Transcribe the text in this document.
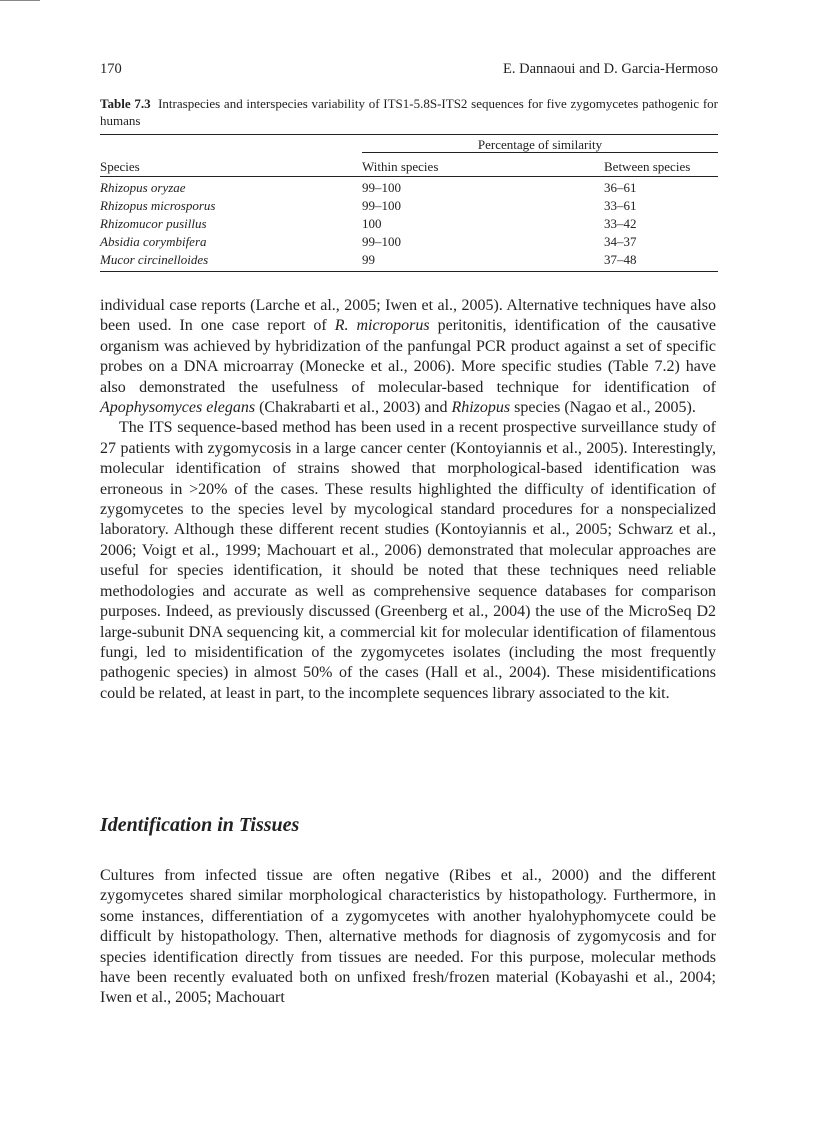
170	E. Dannaoui and D. Garcia-Hermoso
Table 7.3 Intraspecies and interspecies variability of ITS1-5.8S-ITS2 sequences for five zygomycetes pathogenic for humans
Percentage of similarity
Species	Within species	Between species
Rhizopus oryzae	99–100	36–61
Rhizopus microsporus	99–100	33–61
Rhizomucor pusillus	100	33–42
Absidia corymbifera	99–100	34–37
Mucor circinelloides	99	37–48

individual case reports (Larche et al., 2005; Iwen et al., 2005). Alternative techniques have also been used. In one case report of R. microporus peritonitis, identification of the causative organism was achieved by hybridization of the panfungal PCR product against a set of specific probes on a DNA microarray (Monecke et al., 2006). More specific studies (Table 7.2) have also demonstrated the usefulness of molecular-based technique for identification of Apophysomyces elegans (Chakrabarti et al., 2003) and Rhizopus species (Nagao et al., 2005).

The ITS sequence-based method has been used in a recent prospective surveillance study of 27 patients with zygomycosis in a large cancer center (Kontoyiannis et al., 2005). Interestingly, molecular identification of strains showed that morphological-based identification was erroneous in >20% of the cases. These results highlighted the difficulty of identification of zygomycetes to the species level by mycological standard procedures for a nonspecialized laboratory. Although these different recent studies (Kontoyiannis et al., 2005; Schwarz et al., 2006; Voigt et al., 1999; Machouart et al., 2006) demonstrated that molecular approaches are useful for species identification, it should be noted that these techniques need reliable methodologies and accurate as well as comprehensive sequence databases for comparison purposes. Indeed, as previously discussed (Greenberg et al., 2004) the use of the MicroSeq D2 large-subunit DNA sequencing kit, a commercial kit for molecular identification of filamentous fungi, led to misidentification of the zygomycetes isolates (including the most frequently pathogenic species) in almost 50% of the cases (Hall et al., 2004). These misidentifications could be related, at least in part, to the incomplete sequences library associated to the kit.

Identification in Tissues

Cultures from infected tissue are often negative (Ribes et al., 2000) and the different zygomycetes shared similar morphological characteristics by histopathology. Furthermore, in some instances, differentiation of a zygomycetes with another hyalohyphomycete could be difficult by histopathology. Then, alternative methods for diagnosis of zygomycosis and for species identification directly from tissues are needed. For this purpose, molecular methods have been recently evaluated both on unfixed fresh/frozen material (Kobayashi et al., 2004; Iwen et al., 2005; Machouart
